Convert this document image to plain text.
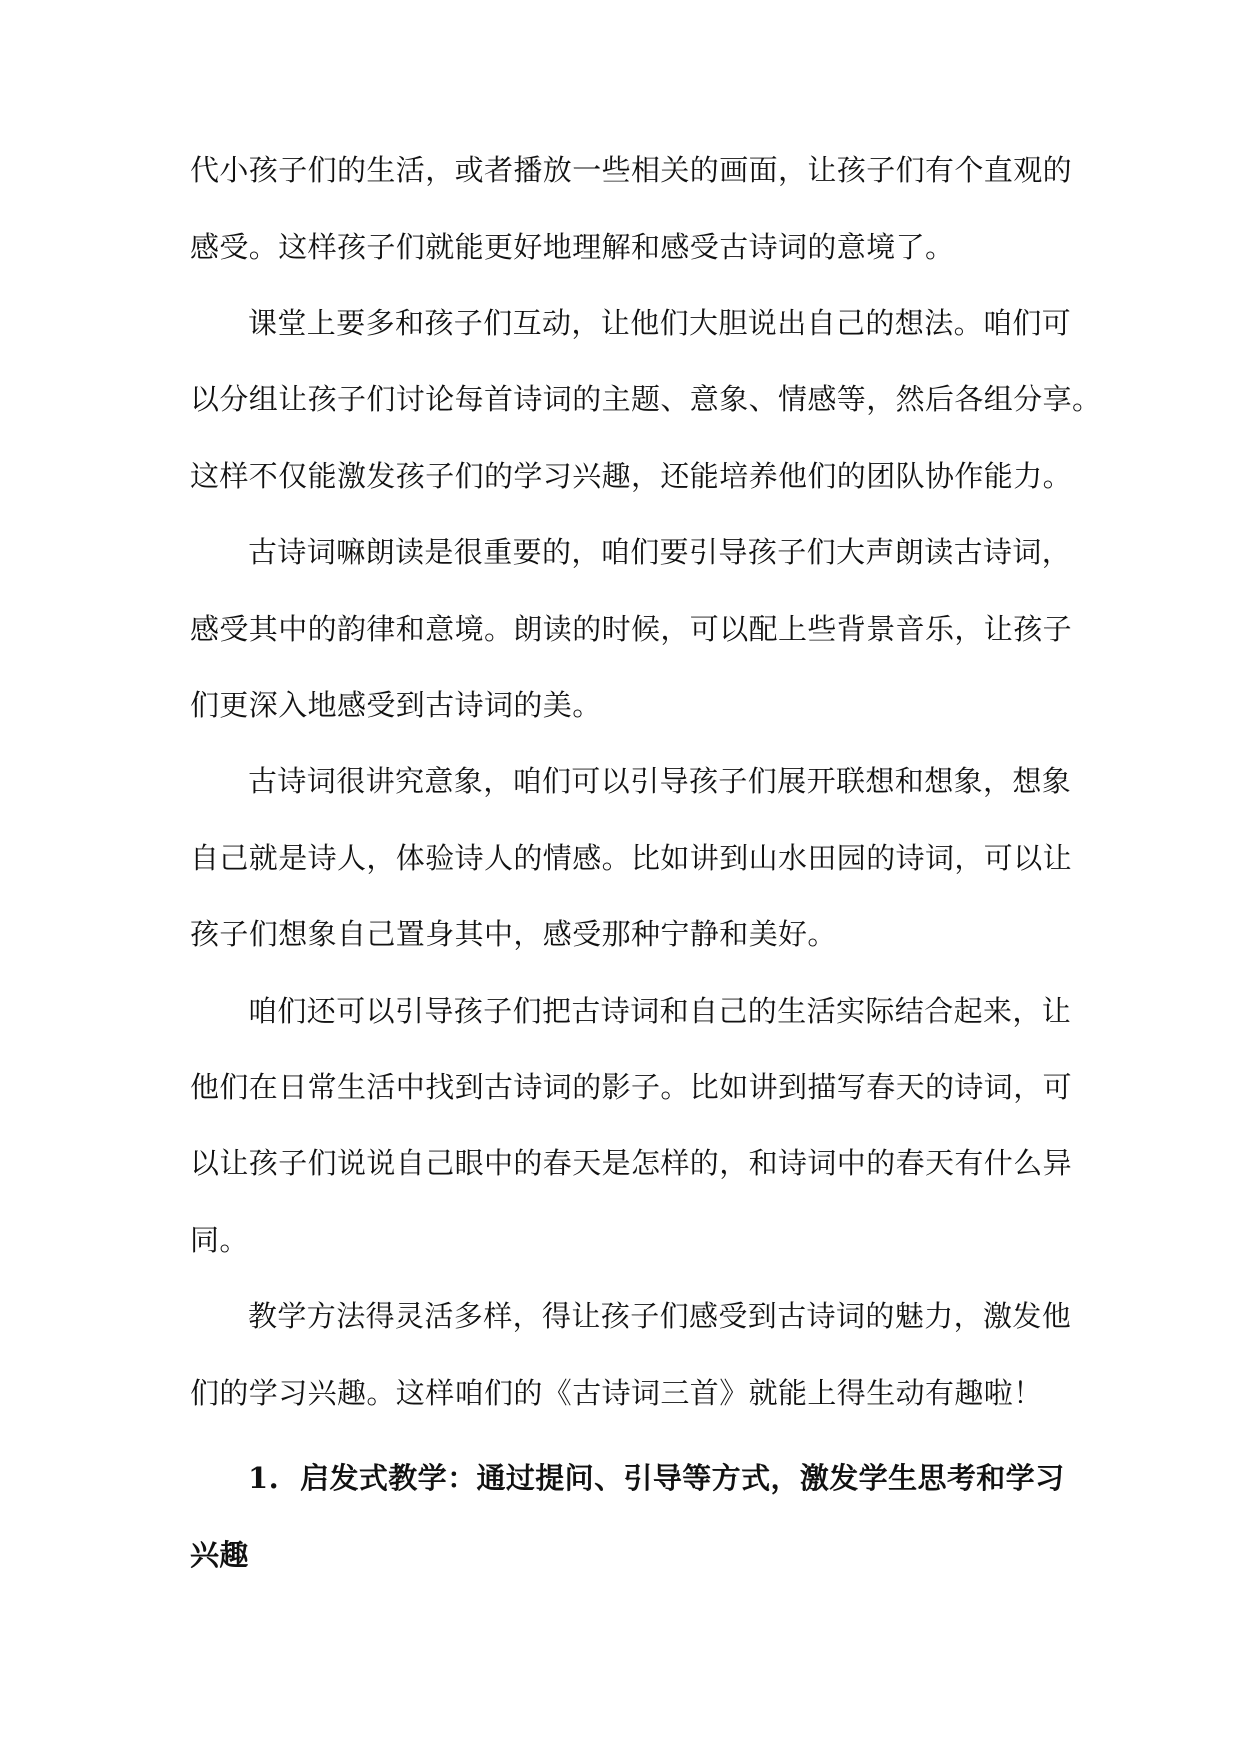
代小孩子们的生活，或者播放一些相关的画面，让孩子们有个直观的
感受。这样孩子们就能更好地理解和感受古诗词的意境了。
课堂上要多和孩子们互动，让他们大胆说出自己的想法。咱们可
以分组让孩子们讨论每首诗词的主题、意象、情感等，然后各组分享。
这样不仅能激发孩子们的学习兴趣，还能培养他们的团队协作能力。
古诗词嘛朗读是很重要的，咱们要引导孩子们大声朗读古诗词，
感受其中的韵律和意境。朗读的时候，可以配上些背景音乐，让孩子
们更深入地感受到古诗词的美。
古诗词很讲究意象，咱们可以引导孩子们展开联想和想象，想象
自己就是诗人，体验诗人的情感。比如讲到山水田园的诗词，可以让
孩子们想象自己置身其中，感受那种宁静和美好。
咱们还可以引导孩子们把古诗词和自己的生活实际结合起来，让
他们在日常生活中找到古诗词的影子。比如讲到描写春天的诗词，可
以让孩子们说说自己眼中的春天是怎样的，和诗词中的春天有什么异
同。
教学方法得灵活多样，得让孩子们感受到古诗词的魅力，激发他
们的学习兴趣。这样咱们的《古诗词三首》就能上得生动有趣啦！
1. 启发式教学：通过提问、引导等方式，激发学生思考和学习
兴趣
